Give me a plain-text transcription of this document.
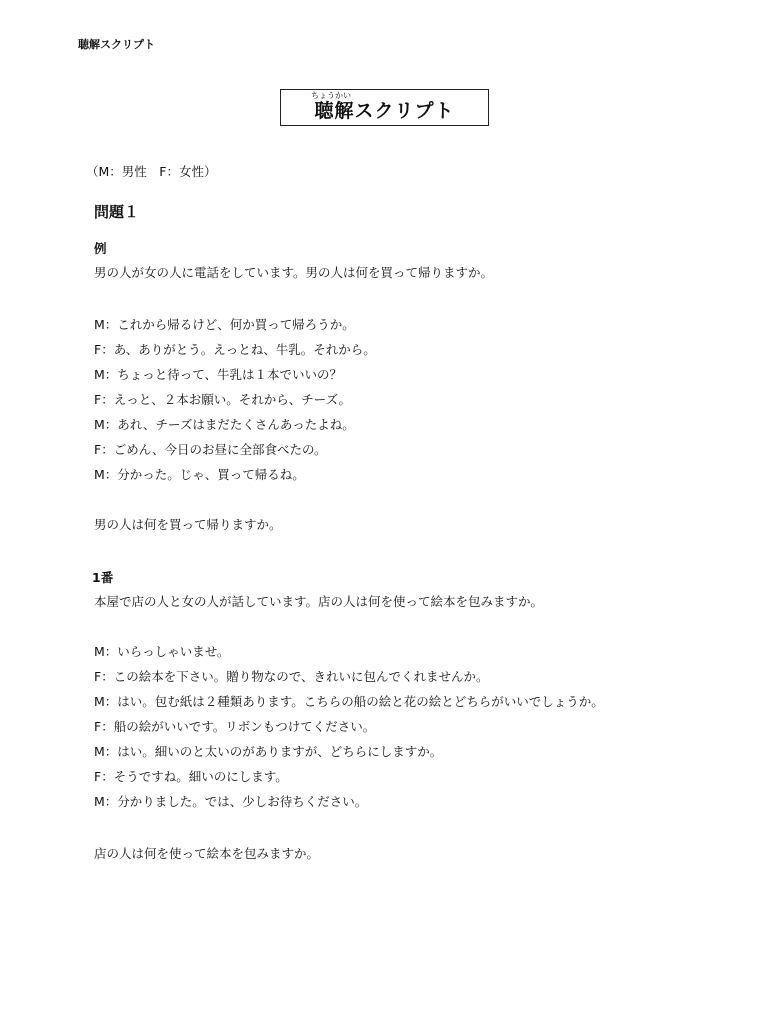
聴解スクリプト
ちょうかい
聴解スクリプト
（M：男性　F：女性）
問題１
例
男の人が女の人に電話をしています。男の人は何を買って帰りますか。
M：これから帰るけど、何か買って帰ろうか。
F：あ、ありがとう。えっとね、牛乳。それから。
M：ちょっと待って、牛乳は１本でいいの？
F：えっと、２本お願い。それから、チーズ。
M：あれ、チーズはまだたくさんあったよね。
F：ごめん、今日のお昼に全部食べたの。
M：分かった。じゃ、買って帰るね。
男の人は何を買って帰りますか。
1番
本屋で店の人と女の人が話しています。店の人は何を使って絵本を包みますか。
M：いらっしゃいませ。
F：この絵本を下さい。贈り物なので、きれいに包んでくれませんか。
M：はい。包む紙は２種類あります。こちらの船の絵と花の絵とどちらがいいでしょうか。
F：船の絵がいいです。リボンもつけてください。
M：はい。細いのと太いのがありますが、どちらにしますか。
F：そうですね。細いのにします。
M：分かりました。では、少しお待ちください。
店の人は何を使って絵本を包みますか。
